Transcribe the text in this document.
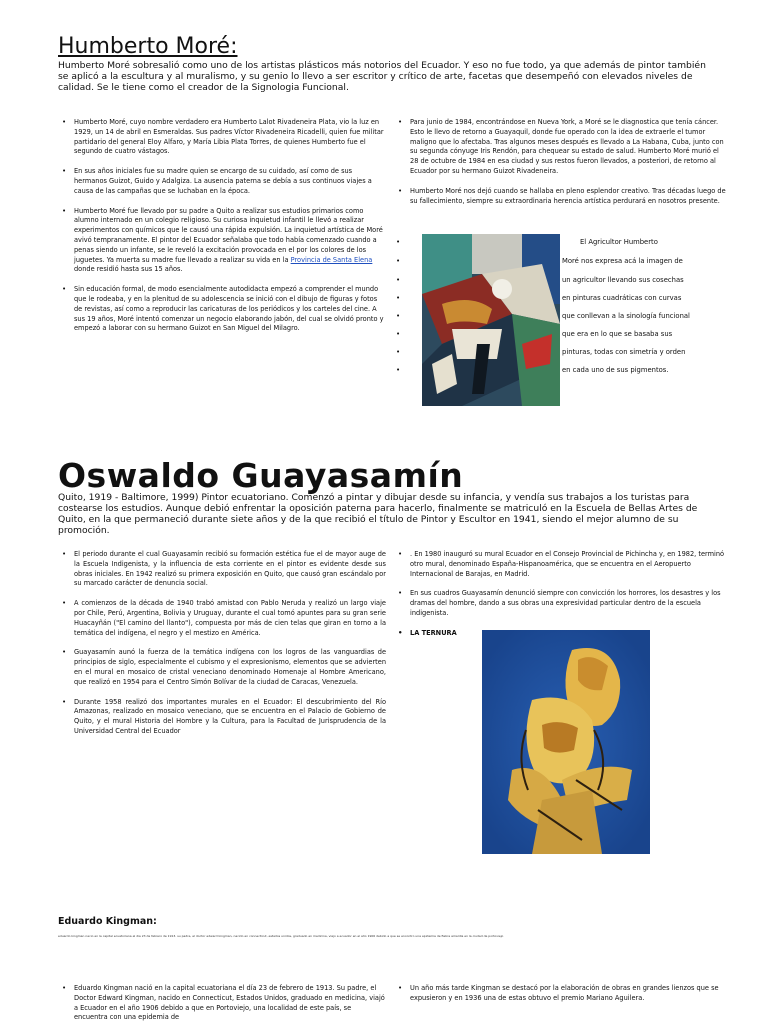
Humberto Moré:
Humberto Moré sobresalió como uno de los artistas plásticos más notorios del Ecuador. Y eso no fue todo, ya que además de pintor también se aplicó a la escultura y al muralismo, y su genio lo llevo a ser escritor y crítico de arte, facetas que desempeñó con elevados niveles de calidad. Se le tiene como el creador de la Signologia Funcional.
• Humberto Moré, cuyo nombre verdadero era Humberto Lalot Rivadeneira Plata, vio la luz en 1929, un 14 de abril en Esmeraldas. Sus padres Víctor Rivadeneira Ricadelli, quien fue militar partidario del general Eloy Alfaro, y María Libia Plata Torres, de quienes Humberto fue el segundo de cuatro vástagos.
• En sus años iniciales fue su madre quien se encargo de su cuidado, así como de sus hermanos Guizot, Guido y Adalgiza. La ausencia paterna se debía a sus continuos viajes a causa de las campañas que se luchaban en la época.
• Humberto Moré fue llevado por su padre a Quito a realizar sus estudios primarios como alumno internado en un colegio religioso. Su curiosa inquietud infantil le llevó a realizar experimentos con químicos que le causó una rápida expulsión. La inquietud artística de Moré avivó tempranamente. El pintor del Ecuador señalaba que todo había comenzado cuando a penas siendo un infante, se le reveló la excitación provocada en el por los colores de los juguetes. Ya muerta su madre fue llevado a realizar su vida en la Provincia de Santa Elena donde residió hasta sus 15 años.
• Sin educación formal, de modo esencialmente autodidacta empezó a comprender el mundo que le rodeaba, y en la plenitud de su adolescencia se inició con el dibujo de figuras y fotos de revistas, así como a reproducir las caricaturas de los periódicos y los carteles del cine. A sus 19 años, Moré intentó comenzar un negocio elaborando jabón, del cual se olvidó pronto y empezó a laborar con su hermano Guizot en San Miguel del Milagro.
• Para junio de 1984, encontrándose en Nueva York, a Moré se le diagnostica que tenía cáncer. Esto le llevo de retorno a Guayaquil, donde fue operado con la idea de extraerle el tumor maligno que lo afectaba. Tras algunos meses después es llevado a La Habana, Cuba, junto con su segunda cónyuge Iris Rendón, para chequear su estado de salud. Humberto Moré murió el 28 de octubre de 1984 en esa ciudad y sus restos fueron llevados, a posteriori, de retorno al Ecuador por su hermano Guizot Rivadeneira.
• Humberto Moré nos dejó cuando se hallaba en pleno esplendor creativo. Tras décadas luego de su fallecimiento, siempre su extraordinaria herencia artística perdurará en nosotros presente.
•
•
•
•
•
•
•
•
El Agricultor Humberto
Moré nos expresa acá la imagen de
un agricultor llevando sus cosechas
en pinturas cuadráticas con curvas
que conllevan a la sinología funcional
que era en lo que se basaba sus
pinturas, todas con simetría y orden
en cada uno de sus pigmentos.
Oswaldo Guayasamín
Quito, 1919 - Baltimore, 1999) Pintor ecuatoriano. Comenzó a pintar y dibujar desde su infancia, y vendía sus trabajos a los turistas para costearse los estudios. Aunque debió enfrentar la oposición paterna para hacerlo, finalmente se matriculó en la Escuela de Bellas Artes de Quito, en la que permaneció durante siete años y de la que recibió el título de Pintor y Escultor en 1941, siendo el mejor alumno de su promoción.
• El periodo durante el cual Guayasamín recibió su formación estética fue el de mayor auge de la Escuela Indigenista, y la influencia de esta corriente en el pintor es evidente desde sus obras iniciales. En 1942 realizó su primera exposición en Quito, que causó gran escándalo por su marcado carácter de denuncia social.
• A comienzos de la década de 1940 trabó amistad con Pablo Neruda y realizó un largo viaje por Chile, Perú, Argentina, Bolivia y Uruguay, durante el cual tomó apuntes para su gran serie Huacayñán ("El camino del llanto"), compuesta por más de cien telas que giran en torno a la temática del indígena, el negro y el mestizo en América.
• Guayasamín aunó la fuerza de la temática indígena con los logros de las vanguardias de principios de siglo, especialmente el cubismo y el expresionismo, elementos que se advierten en el mural en mosaico de cristal veneciano denominado Homenaje al Hombre Americano, que realizó en 1954 para el Centro Simón Bolívar de la ciudad de Caracas, Venezuela.
• Durante 1958 realizó dos importantes murales en el Ecuador: El descubrimiento del Río Amazonas, realizado en mosaico veneciano, que se encuentra en el Palacio de Gobierno de Quito, y el mural Historia del Hombre y la Cultura, para la Facultad de Jurisprudencia de la Universidad Central del Ecuador
• . En 1980 inauguró su mural Ecuador en el Consejo Provincial de Pichincha y, en 1982, terminó otro mural, denominado España-Hispanoamérica, que se encuentra en el Aeropuerto Internacional de Barajas, en Madrid.
• En sus cuadros Guayasamín denunció siempre con convicción los horrores, los desastres y los dramas del hombre, dando a sus obras una expresividad particular dentro de la escuela indigenista.
• LA TERNURA
Eduardo Kingman:
eduardo kingman nacio en la capital ecuatoriana el dia 23 de febrero de 1913. su padre, el doctor edward kingman, nacido en connecticut, estados unidos, graduado en medicina, viajo a ecuador en el año 1906 debido a que se encontro una epidemia de fiebre amarilla en la ciudad de portoviejo
• Eduardo Kingman nació en la capital ecuatoriana el día 23 de febrero de 1913. Su padre, el Doctor Edward Kingman, nacido en Connecticut, Estados Unidos, graduado en medicina, viajó a Ecuador en el año 1906 debido a que en Portoviejo, una localidad de este país, se encuentra con una epidemia de
• Un año más tarde Kingman se destacó por la elaboración de obras en grandes lienzos que se expusieron y en 1936 una de estas obtuvo el premio Mariano Aguilera.
